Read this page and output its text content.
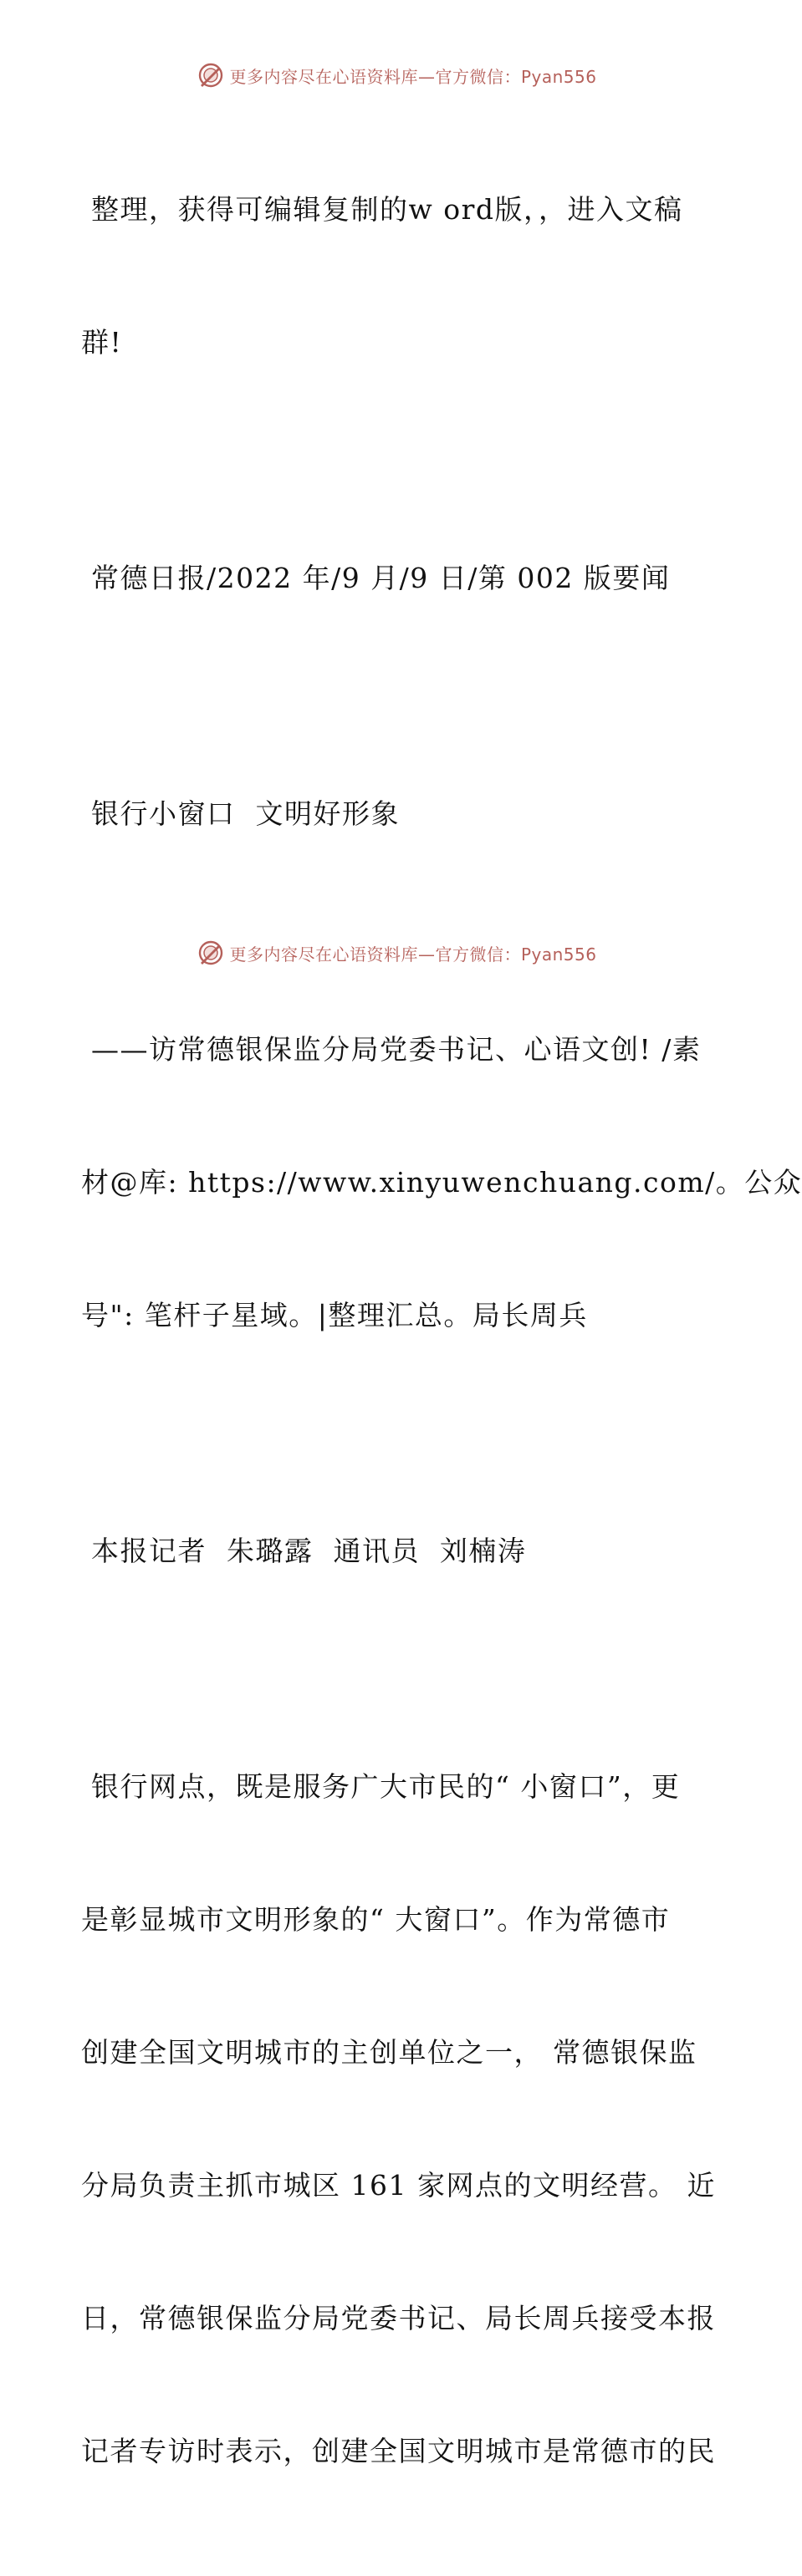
更多内容尽在心语资料库—官方微信：Pyan556

整理，获得可编辑复制的w ord版，，进入文稿

群!

常德日报/2022 年/9 月/9 日/第 002 版要闻

银行小窗口  文明好形象

——访常德银保监分局党委书记、心语文创! /素

材@库: https://www.xinyuwenchuang.com/。公众

号": 笔杆子星域。|整理汇总。局长周兵

本报记者  朱璐露  通讯员  刘楠涛

银行网点，既是服务广大市民的“ 小窗口”，更

是彰显城市文明形象的“ 大窗口”。作为常德市

创建全国文明城市的主创单位之一， 常德银保监

分局负责主抓市城区 161 家网点的文明经营。 近

日，常德银保监分局党委书记、局长周兵接受本报

记者专访时表示，创建全国文明城市是常德市的民

更多内容尽在心语资料库—官方微信：Pyan556
